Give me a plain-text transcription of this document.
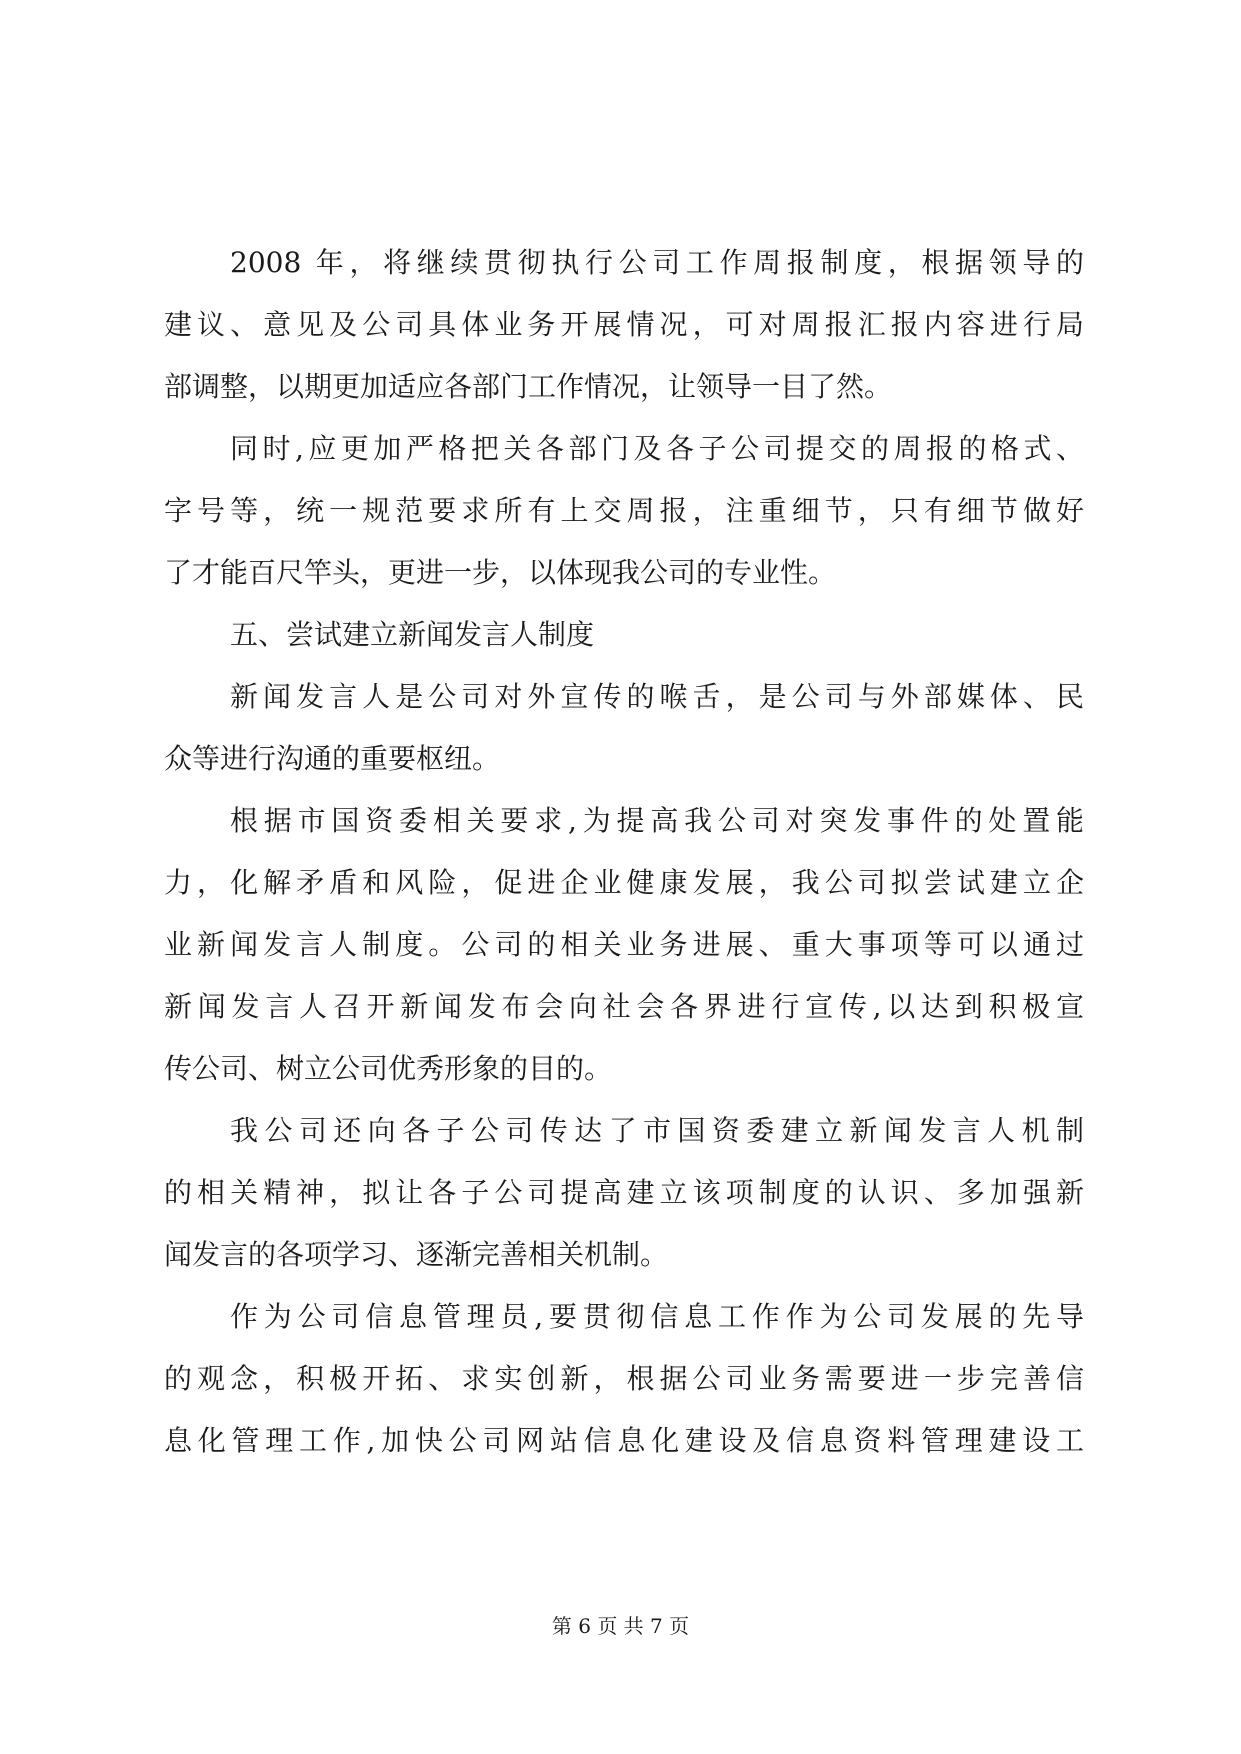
2008 年，将继续贯彻执行公司工作周报制度，根据领导的
建议、意见及公司具体业务开展情况，可对周报汇报内容进行局
部调整，以期更加适应各部门工作情况，让领导一目了然。
同时,应更加严格把关各部门及各子公司提交的周报的格式、
字号等，统一规范要求所有上交周报，注重细节，只有细节做好
了才能百尺竿头，更进一步，以体现我公司的专业性。
五、尝试建立新闻发言人制度
新闻发言人是公司对外宣传的喉舌，是公司与外部媒体、民
众等进行沟通的重要枢纽。
根据市国资委相关要求,为提高我公司对突发事件的处置能
力，化解矛盾和风险，促进企业健康发展，我公司拟尝试建立企
业新闻发言人制度。公司的相关业务进展、重大事项等可以通过
新闻发言人召开新闻发布会向社会各界进行宣传,以达到积极宣
传公司、树立公司优秀形象的目的。
我公司还向各子公司传达了市国资委建立新闻发言人机制
的相关精神，拟让各子公司提高建立该项制度的认识、多加强新
闻发言的各项学习、逐渐完善相关机制。
作为公司信息管理员,要贯彻信息工作作为公司发展的先导
的观念，积极开拓、求实创新，根据公司业务需要进一步完善信
息化管理工作,加快公司网站信息化建设及信息资料管理建设工
第 6 页 共 7 页
